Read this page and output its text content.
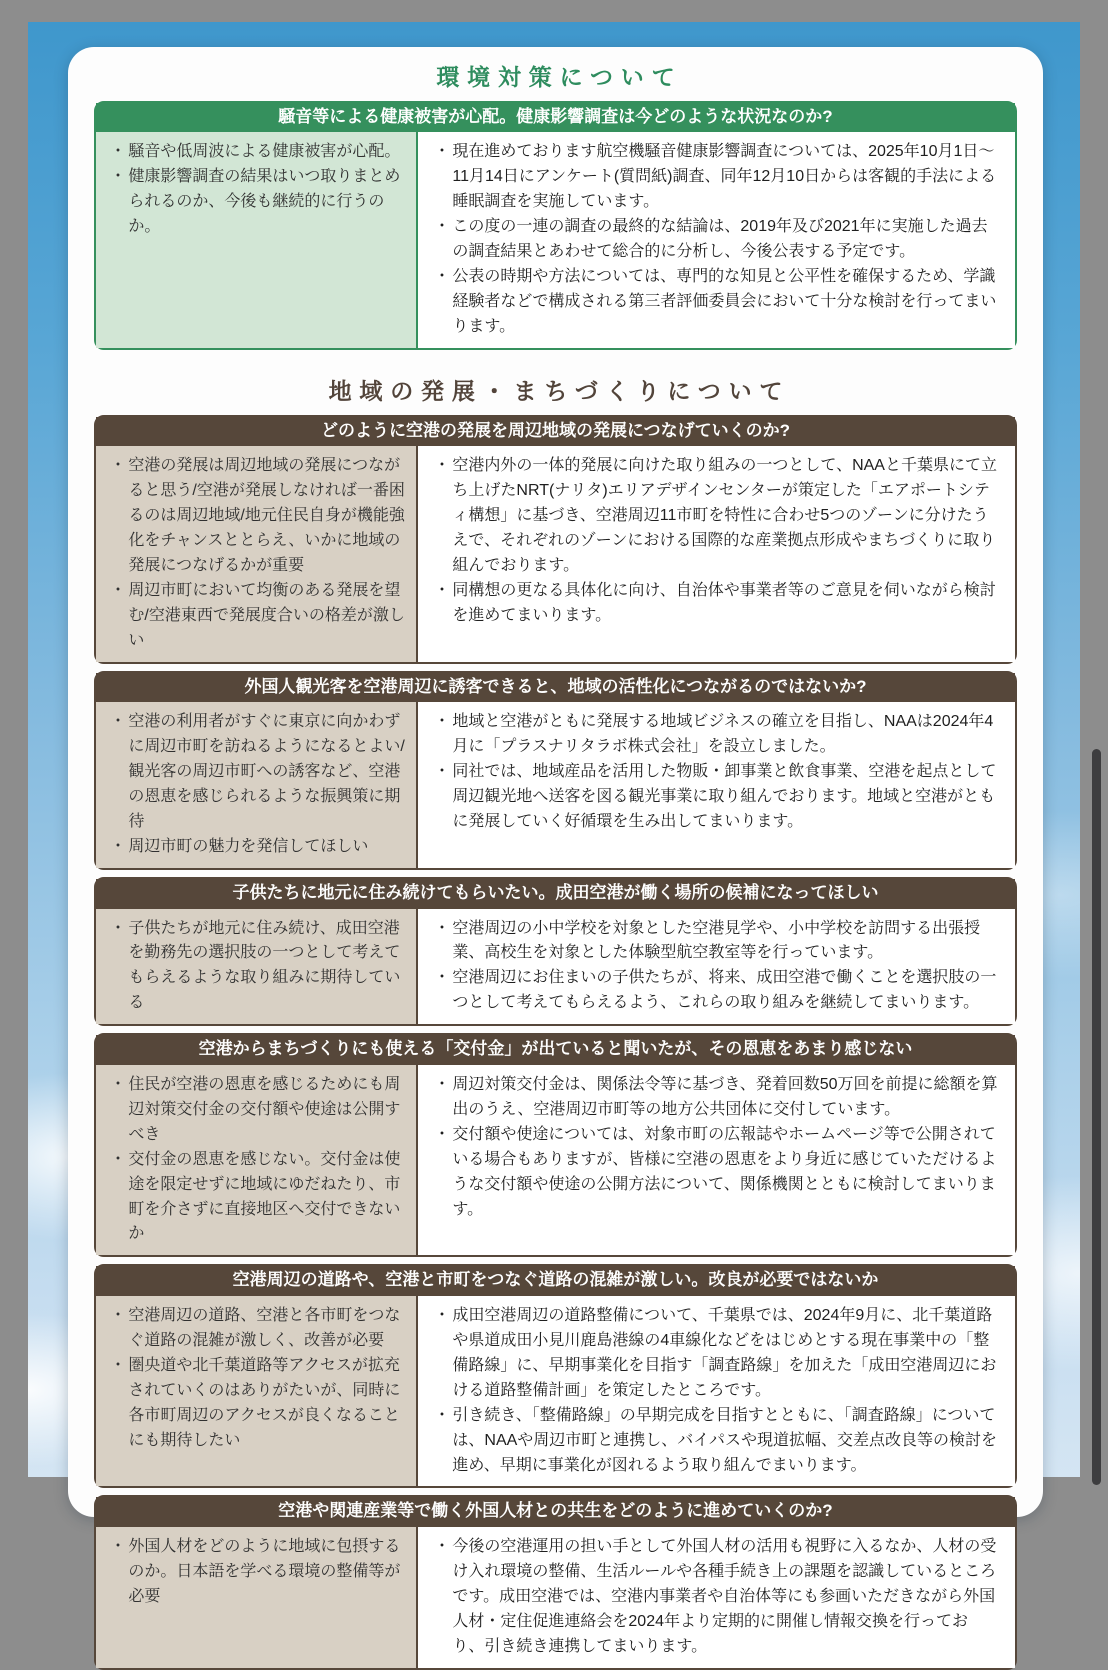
環境対策について
騒音等による健康被害が心配。健康影響調査は今どのような状況なのか?
・ 騒音や低周波による健康被害が心配。
・ 健康影響調査の結果はいつ取りまとめられるのか、今後も継続的に行うのか。
・ 現在進めております航空機騒音健康影響調査については、2025年10月1日〜11月14日にアンケート(質問紙)調査、同年12月10日からは客観的手法による睡眠調査を実施しています。
・ この度の一連の調査の最終的な結論は、2019年及び2021年に実施した過去の調査結果とあわせて総合的に分析し、今後公表する予定です。
・ 公表の時期や方法については、専門的な知見と公平性を確保するため、学識経験者などで構成される第三者評価委員会において十分な検討を行ってまいります。
地域の発展・まちづくりについて
どのように空港の発展を周辺地域の発展につなげていくのか?
・ 空港の発展は周辺地域の発展につながると思う/空港が発展しなければ一番困るのは周辺地域/地元住民自身が機能強化をチャンスととらえ、いかに地域の発展につなげるかが重要
・ 周辺市町において均衡のある発展を望む/空港東西で発展度合いの格差が激しい
・ 空港内外の一体的発展に向けた取り組みの一つとして、NAAと千葉県にて立ち上げたNRT(ナリタ)エリアデザインセンターが策定した「エアポートシティ構想」に基づき、空港周辺11市町を特性に合わせ5つのゾーンに分けたうえで、それぞれのゾーンにおける国際的な産業拠点形成やまちづくりに取り組んでおります。
・ 同構想の更なる具体化に向け、自治体や事業者等のご意見を伺いながら検討を進めてまいります。
外国人観光客を空港周辺に誘客できると、地域の活性化につながるのではないか?
・ 空港の利用者がすぐに東京に向かわずに周辺市町を訪ねるようになるとよい/観光客の周辺市町への誘客など、空港の恩恵を感じられるような振興策に期待
・ 周辺市町の魅力を発信してほしい
・ 地域と空港がともに発展する地域ビジネスの確立を目指し、NAAは2024年4月に「プラスナリタラボ株式会社」を設立しました。
・ 同社では、地域産品を活用した物販・卸事業と飲食事業、空港を起点として周辺観光地へ送客を図る観光事業に取り組んでおります。地域と空港がともに発展していく好循環を生み出してまいります。
子供たちに地元に住み続けてもらいたい。成田空港が働く場所の候補になってほしい
・ 子供たちが地元に住み続け、成田空港を勤務先の選択肢の一つとして考えてもらえるような取り組みに期待している
・ 空港周辺の小中学校を対象とした空港見学や、小中学校を訪問する出張授業、高校生を対象とした体験型航空教室等を行っています。
・ 空港周辺にお住まいの子供たちが、将来、成田空港で働くことを選択肢の一つとして考えてもらえるよう、これらの取り組みを継続してまいります。
空港からまちづくりにも使える「交付金」が出ていると聞いたが、その恩恵をあまり感じない
・ 住民が空港の恩恵を感じるためにも周辺対策交付金の交付額や使途は公開すべき
・ 交付金の恩恵を感じない。交付金は使途を限定せずに地域にゆだねたり、市町を介さずに直接地区へ交付できないか
・ 周辺対策交付金は、関係法令等に基づき、発着回数50万回を前提に総額を算出のうえ、空港周辺市町等の地方公共団体に交付しています。
・ 交付額や使途については、対象市町の広報誌やホームページ等で公開されている場合もありますが、皆様に空港の恩恵をより身近に感じていただけるような交付額や使途の公開方法について、関係機関とともに検討してまいります。
空港周辺の道路や、空港と市町をつなぐ道路の混雑が激しい。改良が必要ではないか
・ 空港周辺の道路、空港と各市町をつなぐ道路の混雑が激しく、改善が必要
・ 圏央道や北千葉道路等アクセスが拡充されていくのはありがたいが、同時に各市町周辺のアクセスが良くなることにも期待したい
・ 成田空港周辺の道路整備について、千葉県では、2024年9月に、北千葉道路や県道成田小見川鹿島港線の4車線化などをはじめとする現在事業中の「整備路線」に、早期事業化を目指す「調査路線」を加えた「成田空港周辺における道路整備計画」を策定したところです。
・ 引き続き、「整備路線」の早期完成を目指すとともに、「調査路線」については、NAAや周辺市町と連携し、バイパスや現道拡幅、交差点改良等の検討を進め、早期に事業化が図れるよう取り組んでまいります。
空港や関連産業等で働く外国人材との共生をどのように進めていくのか?
・ 外国人材をどのように地域に包摂するのか。日本語を学べる環境の整備等が必要
・ 今後の空港運用の担い手として外国人材の活用も視野に入るなか、人材の受け入れ環境の整備、生活ルールや各種手続き上の課題を認識しているところです。成田空港では、空港内事業者や自治体等にも参画いただきながら外国人材・定住促進連絡会を2024年より定期的に開催し情報交換を行っており、引き続き連携してまいります。
